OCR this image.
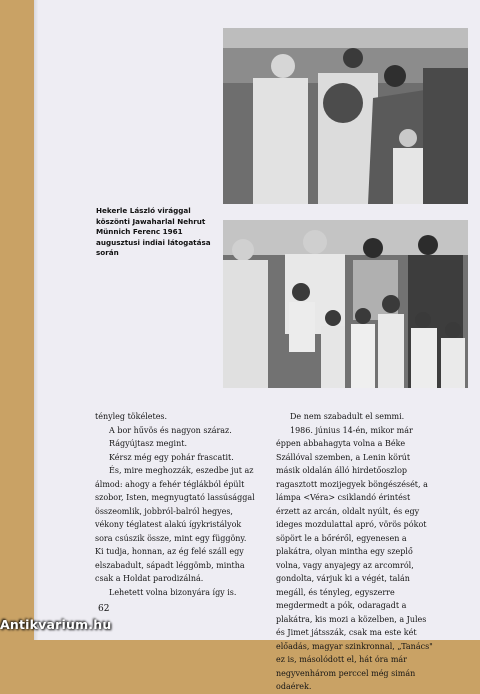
Hekerle László virággal köszönti Jawaharlal Nehrut Münnich Ferenc 1961 augusztusi indiai látogatása során

tényleg tökéletes.

A bor hűvös és nagyon száraz.

Rágyújtasz megint.

Kérsz még egy pohár frascatit.

És, mire meghozzák, eszedbe jut az álmod: ahogy a fehér téglákból épült szobor, Isten, megnyugtató lassúsággal összeomlik, jobbról-balról hegyes, vékony téglatest alakú ígykristályok sora csúszik össze, mint egy függöny. Ki tudja, honnan, az ég felé száll egy elszabadult, sápadt léggömb, mintha csak a Holdat parodizálná.

Lehetett volna bizonyára így is.

De nem szabadult el semmi.

1986. június 14-én, mikor már éppen abbahagyta volna a Béke Szállóval szemben, a Lenin körút másik oldalán álló hirdetőoszlop ragasztott mozijegyek böngészését, a lámpa <Véra> csiklandó érintést érzett az arcán, oldalt nyúlt, és egy ideges mozdulattal apró, vörös pókot söpört le a bőréről, egyenesen a plakátra, olyan mintha egy szeplő volna, vagy anyajegy az arcomról, gondolta, várjuk ki a végét, talán megáll, és tényleg, egyszerre megdermedt a pók, odaragadt a plakátra, kis mozi a közelben, a Jules és Jimet játsszák, csak ma este két előadás, magyar szinkronnal, „Tanács" ez is, másolódott el, hát óra már negyvenhárom perccel még simán odaérek.

62
Antikvarium.hu
